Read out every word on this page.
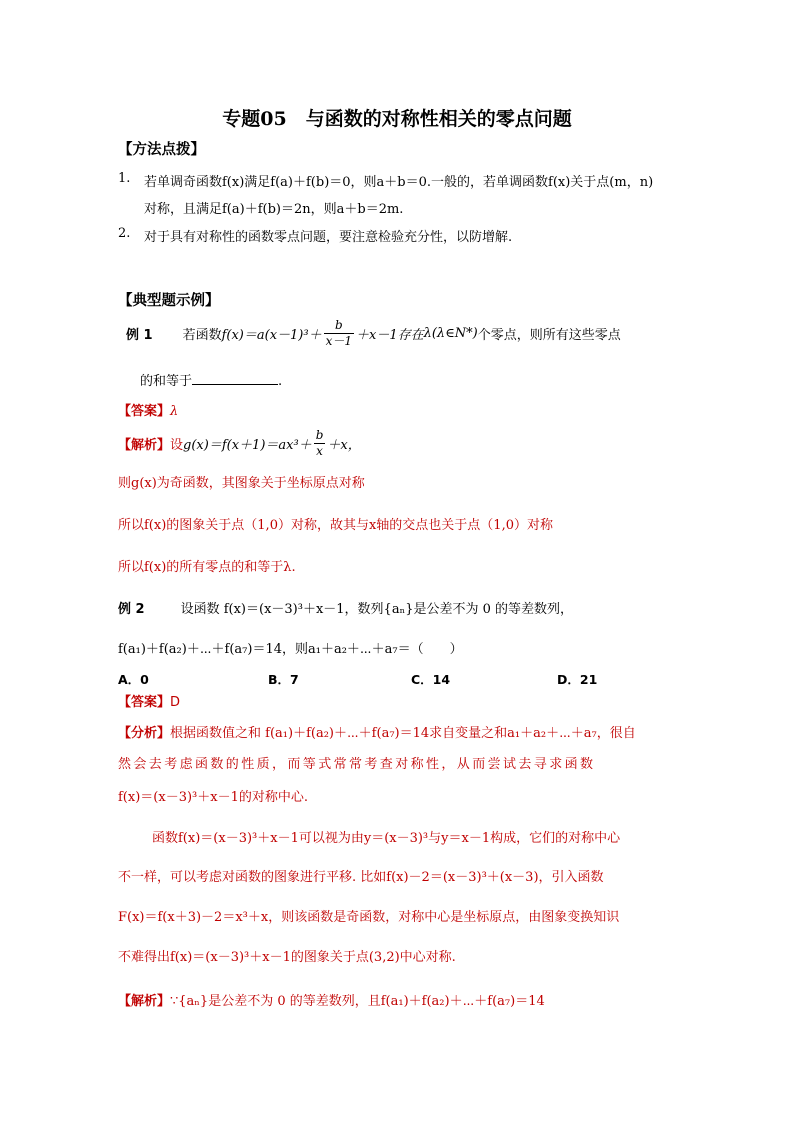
专题05　与函数的对称性相关的零点问题
【方法点拨】
1. 若单调奇函数f(x)满足f(a)＋f(b)＝0，则a＋b＝0.一般的，若单调函数f(x)关于点(m，n)
对称，且满足f(a)＋f(b)＝2n，则a＋b＝2m.
2. 对于具有对称性的函数零点问题，要注意检验充分性，以防增解.
【典型题示例】
例 1 若函数 $f(x)=a(x-1)^3+ \frac{b}{x-1} +x-1$存在 λ(λ∈N*) 个零点，则所有这些零点
的和等于	.
【答案】λ
【解析】 设 $g(x)=f(x+1)=ax^3+ \frac{b}{x} +x$，
则g(x)为奇函数，其图象关于坐标原点对称
所以f(x)的图象关于点（1,0）对称，故其与x轴的交点也关于点（1,0）对称
所以f(x)的所有零点的和等于λ.
例 2	设函数 f(x)＝(x－3)³＋x－1，数列{aₙ}是公差不为 0 的等差数列，
f(a₁)＋f(a₂)＋⋯＋f(a₇)＝14，则a₁＋a₂＋⋯＋a₇＝（　　）
A．0	B．7	C．14	D．21
【答案】D
【分析】根据函数值之和 f(a₁)＋f(a₂)＋⋯＋f(a₇)＝14求自变量之和a₁＋a₂＋⋯＋a₇，很自
然会去考虑函数的性质，而等式常常考查对称性，从而尝试去寻求函数
f(x)＝(x－3)³＋x－1的对称中心.
函数f(x)＝(x－3)³＋x－1可以视为由y＝(x－3)³与y＝x－1构成，它们的对称中心
不一样，可以考虑对函数的图象进行平移. 比如f(x)－2＝(x－3)³＋(x－3)，引入函数
F(x)＝f(x＋3)－2＝x³＋x，则该函数是奇函数，对称中心是坐标原点，由图象变换知识
不难得出f(x)＝(x－3)³＋x－1的图象关于点(3,2)中心对称.
【解析】∵{aₙ}是公差不为 0 的等差数列，且f(a₁)＋f(a₂)＋⋯＋f(a₇)＝14
